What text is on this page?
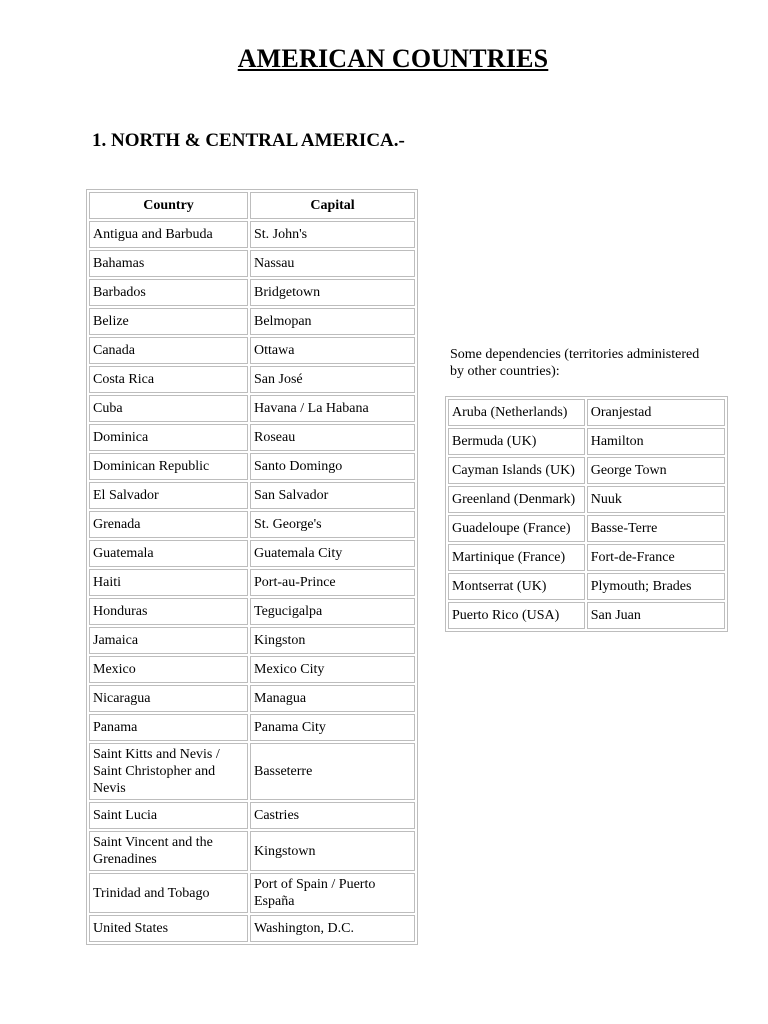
AMERICAN COUNTRIES
1. NORTH & CENTRAL AMERICA.-
Country	Capital
Antigua and Barbuda	St. John's
Bahamas	Nassau
Barbados	Bridgetown
Belize	Belmopan
Canada	Ottawa
Costa Rica	San José
Cuba	Havana / La Habana
Dominica	Roseau
Dominican Republic	Santo Domingo
El Salvador	San Salvador
Grenada	St. George's
Guatemala	Guatemala City
Haiti	Port-au-Prince
Honduras	Tegucigalpa
Jamaica	Kingston
Mexico	Mexico City
Nicaragua	Managua
Panama	Panama City
Saint Kitts and Nevis / Saint Christopher and Nevis	Basseterre
Saint Lucia	Castries
Saint Vincent and the Grenadines	Kingstown
Trinidad and Tobago	Port of Spain / Puerto España
United States	Washington, D.C.

Some dependencies (territories administered by other countries):

Aruba (Netherlands)	Oranjestad
Bermuda (UK)	Hamilton
Cayman Islands (UK)	George Town
Greenland (Denmark)	Nuuk
Guadeloupe (France)	Basse-Terre
Martinique (France)	Fort-de-France
Montserrat (UK)	Plymouth; Brades
Puerto Rico (USA)	San Juan
